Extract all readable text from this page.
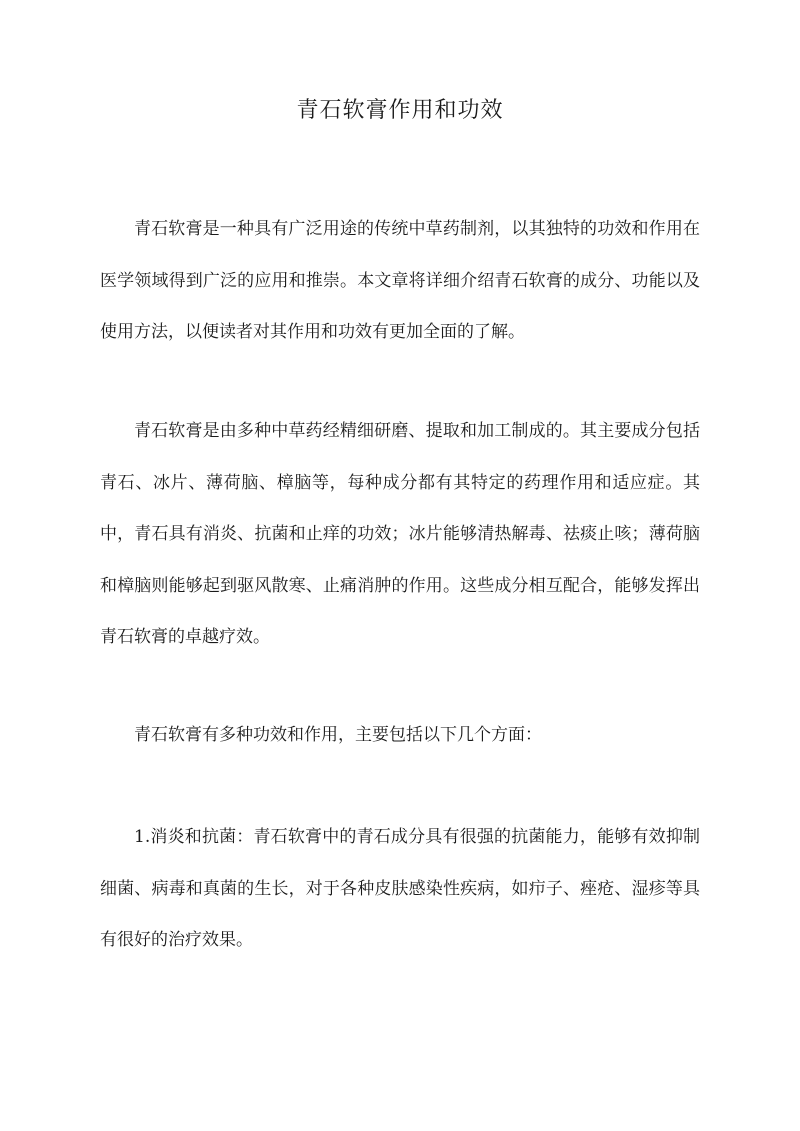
青石软膏作用和功效

青石软膏是一种具有广泛用途的传统中草药制剂，以其独特的功效和作用在医学领域得到广泛的应用和推崇。本文章将详细介绍青石软膏的成分、功能以及使用方法，以便读者对其作用和功效有更加全面的了解。

青石软膏是由多种中草药经精细研磨、提取和加工制成的。其主要成分包括青石、冰片、薄荷脑、樟脑等，每种成分都有其特定的药理作用和适应症。其中，青石具有消炎、抗菌和止痒的功效；冰片能够清热解毒、祛痰止咳；薄荷脑和樟脑则能够起到驱风散寒、止痛消肿的作用。这些成分相互配合，能够发挥出青石软膏的卓越疗效。

青石软膏有多种功效和作用，主要包括以下几个方面：

1.消炎和抗菌：青石软膏中的青石成分具有很强的抗菌能力，能够有效抑制细菌、病毒和真菌的生长，对于各种皮肤感染性疾病，如疖子、痤疮、湿疹等具有很好的治疗效果。
